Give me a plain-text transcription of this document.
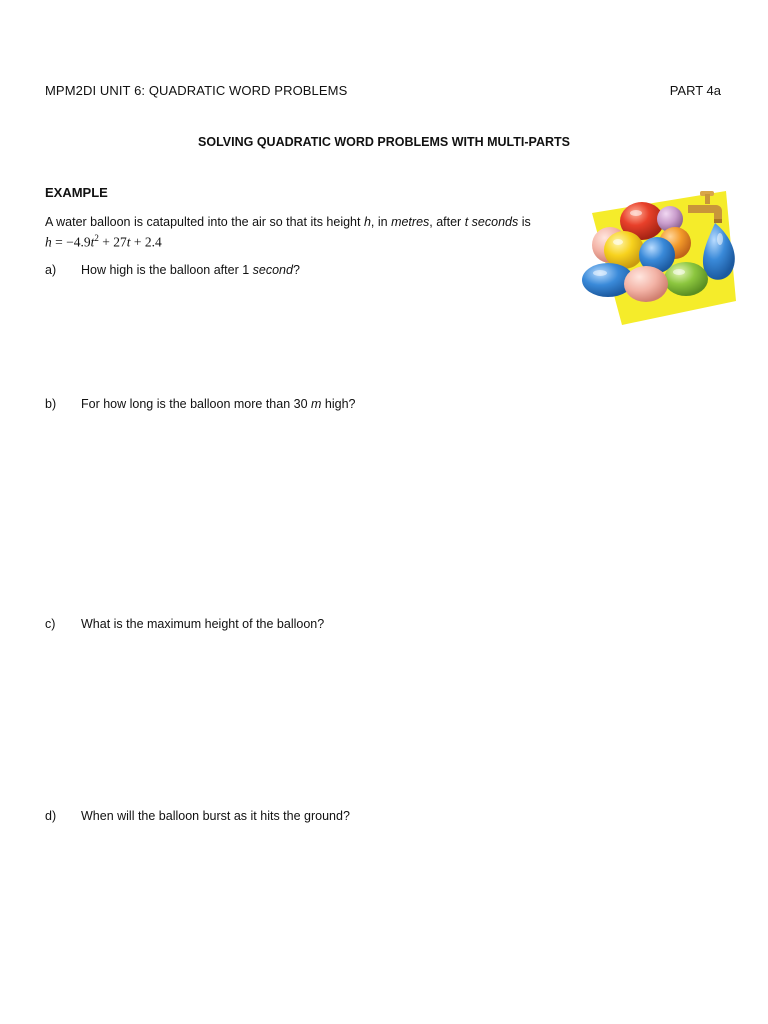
MPM2DI UNIT 6: QUADRATIC WORD PROBLEMS	PART 4a
SOLVING QUADRATIC WORD PROBLEMS WITH MULTI-PARTS
EXAMPLE
A water balloon is catapulted into the air so that its height h, in metres, after t seconds is
$h = -4.9t^2 + 27t + 2.4$
a) How high is the balloon after 1 second?
b) For how long is the balloon more than 30 m high?
c) What is the maximum height of the balloon?
d) When will the balloon burst as it hits the ground?
